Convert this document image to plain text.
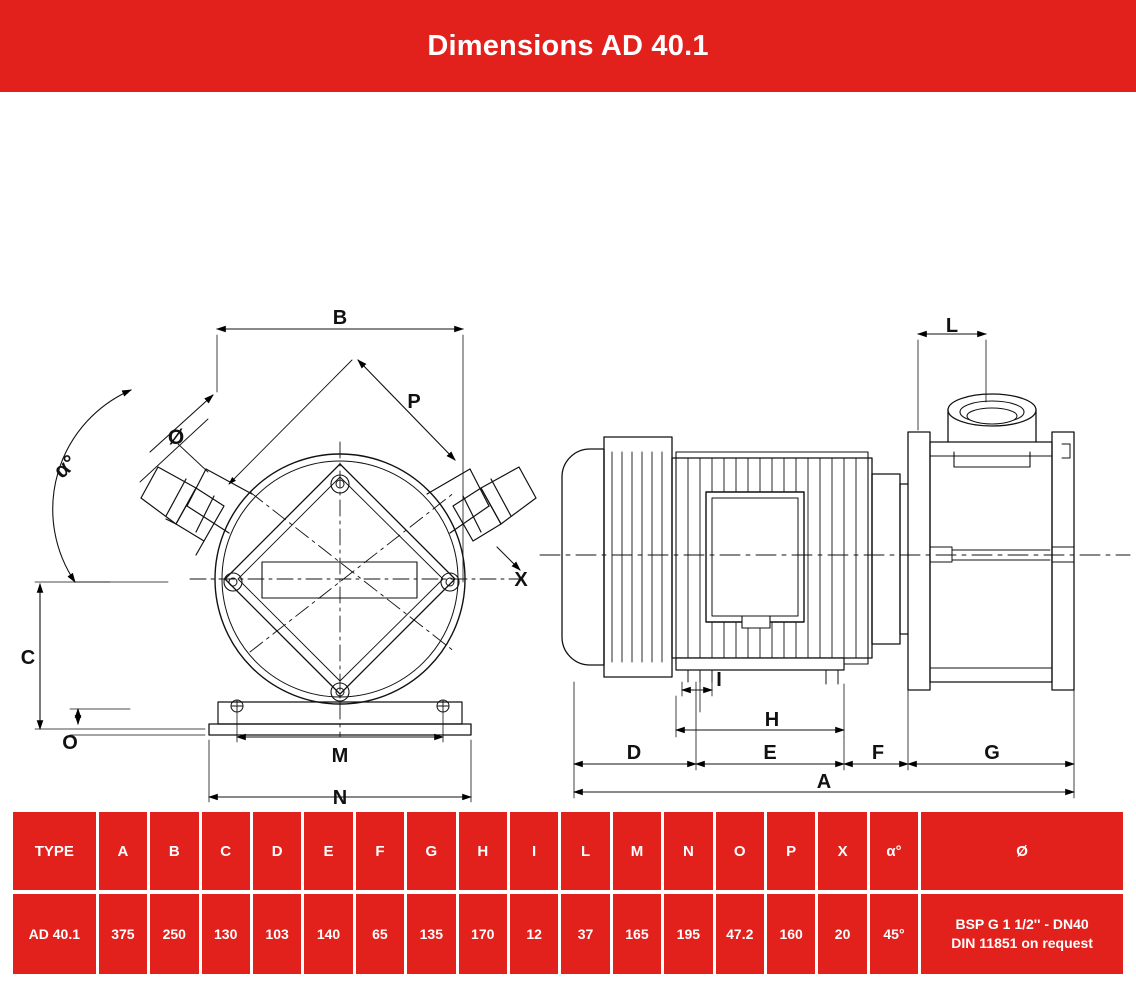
Dimensions AD 40.1
B
P
Ø
α°
C
O
M
N
X
L
I
H
D	E	F	G
A
TYPE	A	B	C	D	E	F	G	H	I	L	M	N	O	P	X	α°	Ø

AD 40.1	375	250	130	103	140	65	135	170	12	37	165	195	47.2	160	20	45°	BSP G 1 1/2'' - DN40
DIN 11851 on request
